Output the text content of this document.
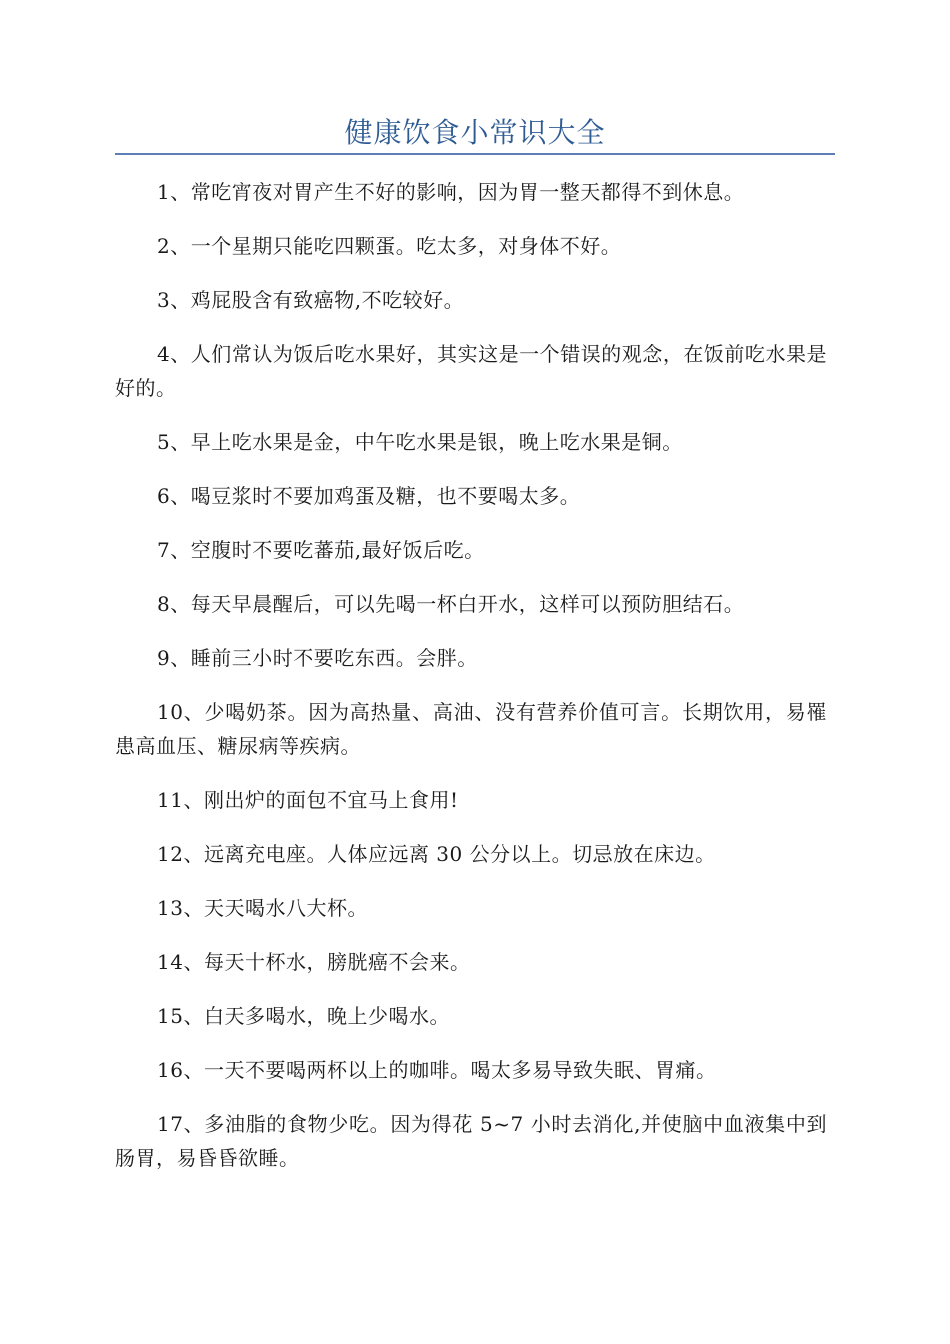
健康饮食小常识大全

1、常吃宵夜对胃产生不好的影响，因为胃一整天都得不到休息。

2、一个星期只能吃四颗蛋。吃太多，对身体不好。

3、鸡屁股含有致癌物,不吃较好。

4、人们常认为饭后吃水果好，其实这是一个错误的观念，在饭前吃水果是好的。

5、早上吃水果是金，中午吃水果是银，晚上吃水果是铜。

6、喝豆浆时不要加鸡蛋及糖，也不要喝太多。

7、空腹时不要吃蕃茄,最好饭后吃。

8、每天早晨醒后，可以先喝一杯白开水，这样可以预防胆结石。

9、睡前三小时不要吃东西。会胖。

10、少喝奶茶。因为高热量、高油、没有营养价值可言。长期饮用，易罹患高血压、糖尿病等疾病。

11、刚出炉的面包不宜马上食用!

12、远离充电座。人体应远离 30 公分以上。切忌放在床边。

13、天天喝水八大杯。

14、每天十杯水，膀胱癌不会来。

15、白天多喝水，晚上少喝水。

16、一天不要喝两杯以上的咖啡。喝太多易导致失眠、胃痛。

17、多油脂的食物少吃。因为得花 5~7 小时去消化,并使脑中血液集中到肠胃，易昏昏欲睡。
